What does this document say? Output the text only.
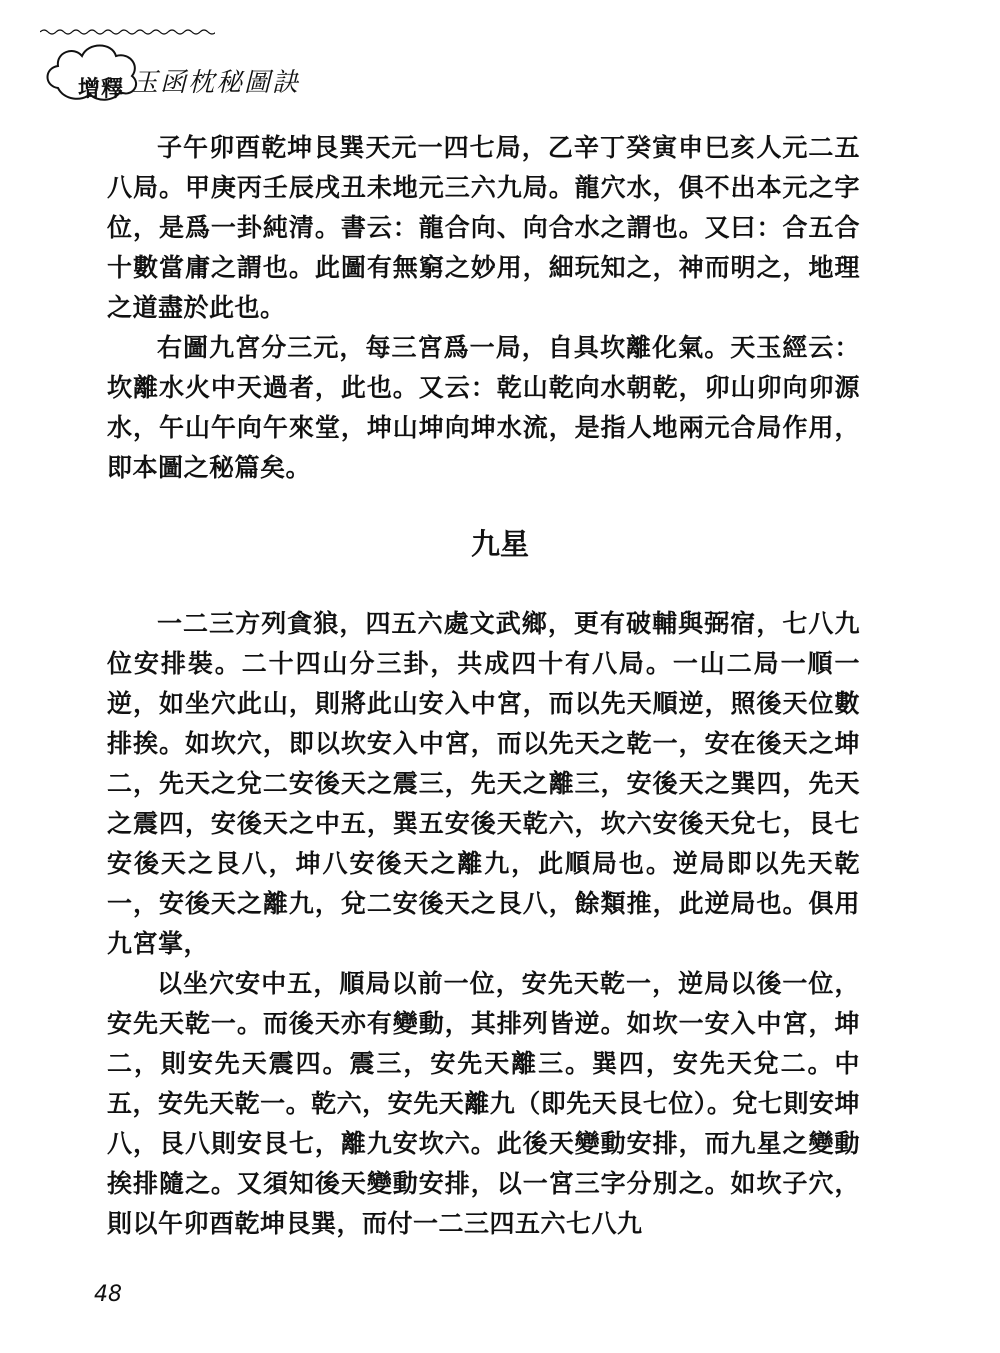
增釋 玉函枕秘圖訣

子午卯酉乾坤艮巽天元一四七局，乙辛丁癸寅申巳亥人元二五八局。甲庚丙壬辰戌丑未地元三六九局。龍穴水，俱不出本元之字位，是爲一卦純清。書云：龍合向、向合水之謂也。又曰：合五合十數當庸之謂也。此圖有無窮之妙用，細玩知之，神而明之，地理之道盡於此也。

右圖九宮分三元，每三宮爲一局，自具坎離化氣。天玉經云：坎離水火中天過者，此也。又云：乾山乾向水朝乾，卯山卯向卯源水，午山午向午來堂，坤山坤向坤水流，是指人地兩元合局作用，即本圖之秘篇矣。

九星

一二三方列貪狼，四五六處文武鄉，更有破輔與弼宿，七八九位安排裝。二十四山分三卦，共成四十有八局。一山二局一順一逆，如坐穴此山，則將此山安入中宮，而以先天順逆，照後天位數排挨。如坎穴，即以坎安入中宮，而以先天之乾一，安在後天之坤二，先天之兌二安後天之震三，先天之離三，安後天之巽四，先天之震四，安後天之中五，巽五安後天乾六，坎六安後天兌七，艮七安後天之艮八，坤八安後天之離九，此順局也。逆局即以先天乾一，安後天之離九，兌二安後天之艮八，餘類推，此逆局也。俱用九宮掌，

以坐穴安中五，順局以前一位，安先天乾一，逆局以後一位，安先天乾一。而後天亦有變動，其排列皆逆。如坎一安入中宮，坤二，則安先天震四。震三，安先天離三。巽四，安先天兌二。中五，安先天乾一。乾六，安先天離九（即先天艮七位）。兌七則安坤八，艮八則安艮七，離九安坎六。此後天變動安排，而九星之變動挨排隨之。又須知後天變動安排，以一宮三字分別之。如坎子穴，則以午卯酉乾坤艮巽，而付一二三四五六七八九

48
